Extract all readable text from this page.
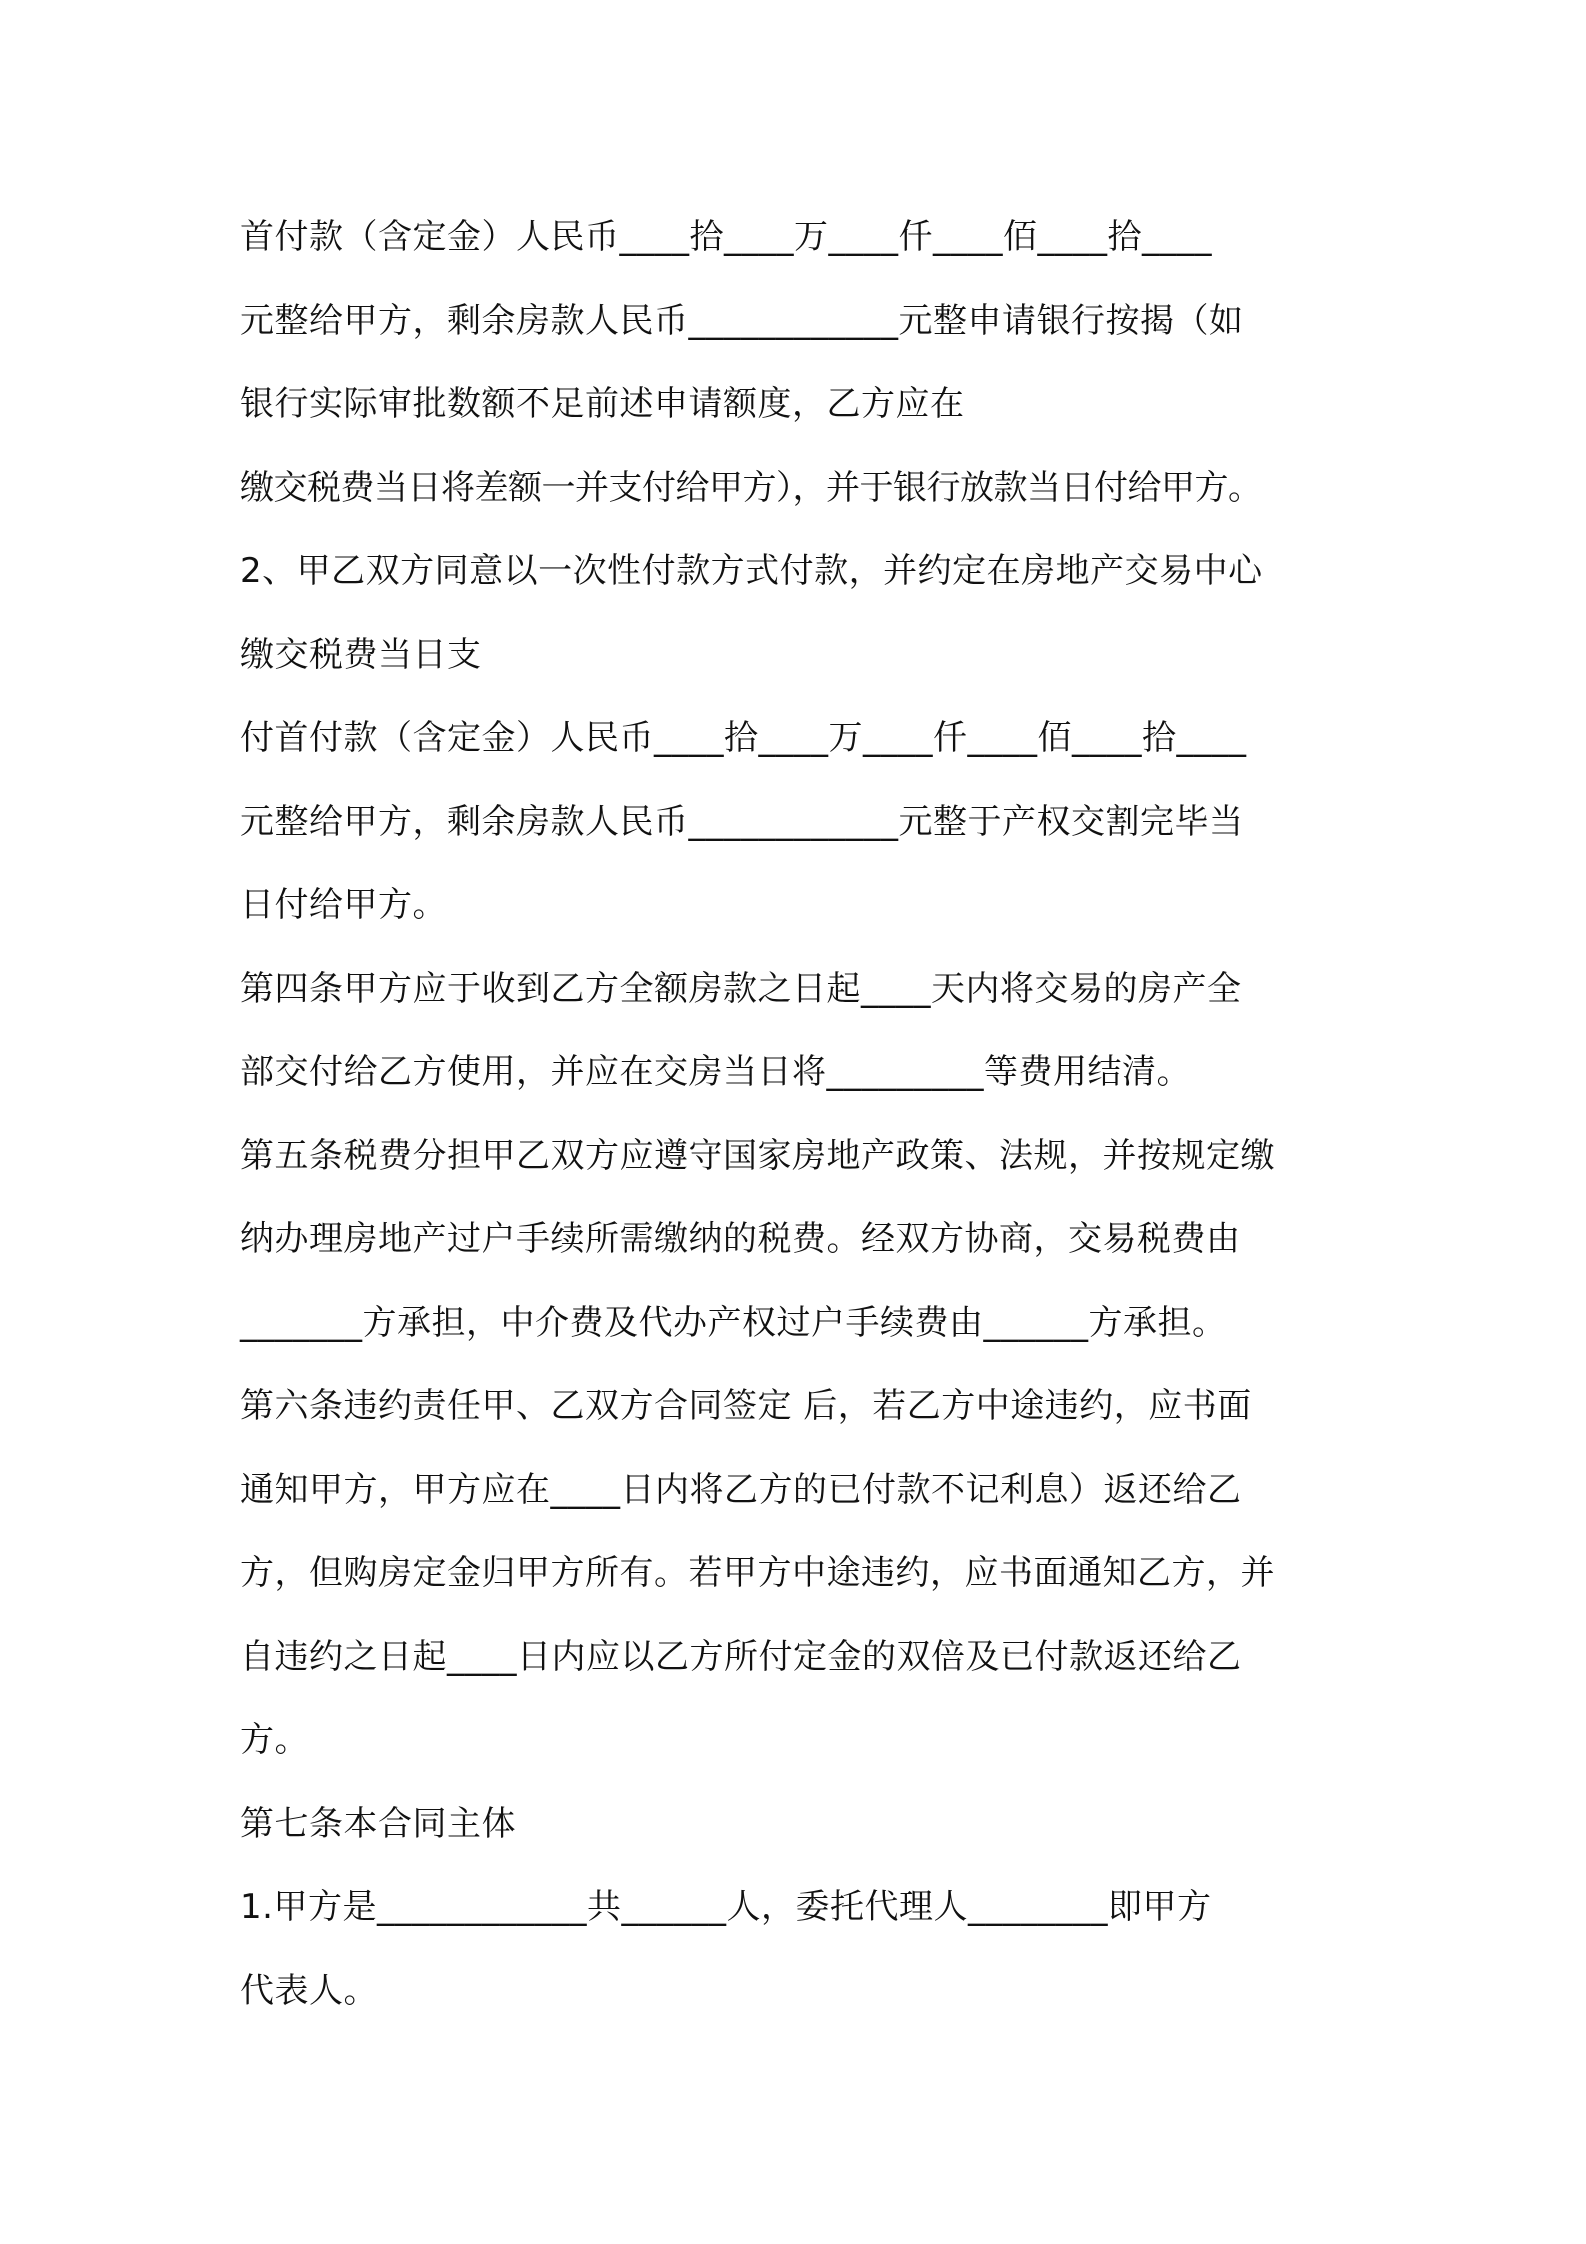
首付款（含定金）人民币____拾____万____仟____佰____拾____
元整给甲方，剩余房款人民币____________元整申请银行按揭（如
银行实际审批数额不足前述申请额度，乙方应在
缴交税费当日将差额一并支付给甲方），并于银行放款当日付给甲方。
2、甲乙双方同意以一次性付款方式付款，并约定在房地产交易中心
缴交税费当日支
付首付款（含定金）人民币____拾____万____仟____佰____拾____
元整给甲方，剩余房款人民币____________元整于产权交割完毕当
日付给甲方。
第四条甲方应于收到乙方全额房款之日起____天内将交易的房产全
部交付给乙方使用，并应在交房当日将_________等费用结清。
第五条税费分担甲乙双方应遵守国家房地产政策、法规，并按规定缴
纳办理房地产过户手续所需缴纳的税费。经双方协商，交易税费由
_______方承担，中介费及代办产权过户手续费由______方承担。
第六条违约责任甲、乙双方合同签定 后，若乙方中途违约，应书面
通知甲方，甲方应在____日内将乙方的已付款不记利息）返还给乙
方，但购房定金归甲方所有。若甲方中途违约，应书面通知乙方，并
自违约之日起____日内应以乙方所付定金的双倍及已付款返还给乙
方。
第七条本合同主体
1.甲方是____________共______人，委托代理人________即甲方
代表人。
